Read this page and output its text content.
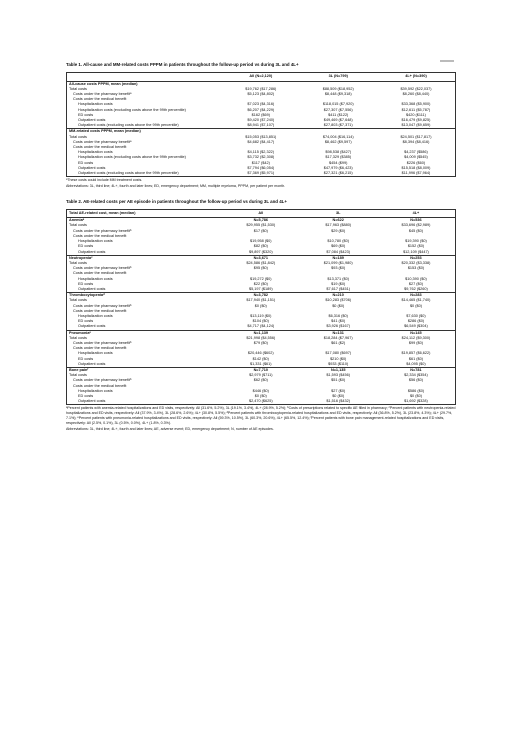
Table 1. All-cause and MM-related costs PPPM in patients throughout the follow-up period vs during 3L and 4L+

	All (N=2,120)	3L (N=799)	4L+ (N=390)
All-cause costs PPPM, mean (median)			
Total costs	$19,762 ($17,286)	$88,509 ($18,952)	$39,592 ($22,037)
Costs under the pharmacy benefitᵃ	$5,123 ($4,802)	$8,448 ($9,318)	$8,260 ($8,440)
Costs under the medical benefit			
Hospitalization costs	$7,023 ($4,316)	$118,015 ($7,920)	$33,368 ($5,900)
Hospitalization costs (excluding costs above the 99th percentile)	$6,207 ($4,229)	$27,307 ($7,556)	$12,611 ($5,787)
ED costs	$162 ($69)	$411 ($122)	$420 ($111)
Outpatient costs	$9,420 ($7,240)	$49,469 ($7,648)	$16,479 ($9,825)
Outpatient costs (excluding costs above the 99th percentile)	$8,941 ($7,107)	$27,803 ($7,371)	$13,047 ($9,659)
MM-related costs PPPM, mean (median)			
Total costs	$15,053 ($13,851)	$74,004 ($16,114)	$24,501 ($17,817)
Costs under the pharmacy benefitᵃ	$4,682 ($4,417)	$8,462 ($9,597)	$8,394 ($8,416)
Costs under the medical benefit			
Hospitalization costs	$4,115 ($2,322)	$98,538 ($427)	$4,237 ($586)
Hospitalization costs (excluding costs above the 99th percentile)	$3,732 ($2,308)	$17,329 ($385)	$4,009 ($545)
ED costs	$117 ($42)	$454 ($99)	$226 ($60)
Outpatient costs	$7,794 ($6,054)	$47,979 ($6,423)	$15,518 ($8,009)
Outpatient costs (excluding costs above the 99th percentile)	$7,369 ($5,971)	$27,321 ($6,215)	$11,996 ($7,964)

ᵃThese costs could include MM treatment costs.

Abbreviations: 3L, third line; 4L+, fourth and later lines; ED, emergency department; MM, multiple myeloma, PPPM, per patient per month.

Table 2. AE-related costs per AE episode in patients throughout the follow-up period vs during 3L and 4L+

Total AE-related cost, mean (median)	All	3L	4L+
Anemiaᵃ	N=5,786	N=622	N=536
Total costs	$29,955 ($1,530)	$17,963 ($880)	$33,696 ($2,989)
Costs under the pharmacy benefitᵇ	$17 ($0)	$29 ($0)	$45 ($0)
Costs under the medical benefit			
Hospitalization costs	$19,958 ($0)	$10,780 ($0)	$19,390 ($0)
ED costs	$82 ($0)	$69 ($0)	$152 ($0)
Outpatient costs	$9,897 ($320)	$7,084 ($423)	$12,109 ($447)
Neutropeniaᶜ	N=3,671	N=189	N=253
Total costs	$24,586 ($1,842)	$21,099 ($1,980)	$20,332 ($3,338)
Costs under the pharmacy benefitᵇ	$95 ($0)	$93 ($0)	$153 ($0)
Costs under the medical benefit			
Hospitalization costs	$19,272 ($0)	$13,371 ($0)	$10,390 ($0)
ED costs	$22 ($0)	$19 ($0)	$27 ($0)
Outpatient costs	$5,197 ($189)	$7,617 ($451)	$9,762 ($260)
Thrombocytopeniaᵈ	N=3,782	N=210	N=283
Total costs	$17,940 ($1,151)	$10,283 ($706)	$14,465 ($1,740)
Costs under the pharmacy benefitᵇ	$0 ($0)	$0 ($0)	$0 ($0)
Costs under the medical benefit			
Hospitalization costs	$13,119 ($0)	$6,316 ($0)	$7,630 ($0)
ED costs	$104 ($0)	$41 ($0)	$286 ($0)
Outpatient costs	$4,717 ($4,124)	$3,926 ($167)	$6,549 ($304)
Pneumoniaᵉ	N=1,139	N=131	N=145
Total costs	$21,998 ($4,556)	$18,284 ($7,967)	$24,112 ($9,300)
Costs under the pharmacy benefitᵇ	$79 ($0)	$61 ($2)	$99 ($0)
Costs under the medical benefit			
Hospitalization costs	$20,446 ($602)	$17,080 ($697)	$19,857 ($6,622)
ED costs	$142 ($0)	$210 ($0)	$61 ($0)
Outpatient costs	$1,331 ($61)	$933 ($110)	$4,095 ($0)
Bone painᶠ	N=7,710	N=1,135	N=781
Total costs	$2,979 ($711)	$1,593 ($456)	$2,334 ($354)
Costs under the pharmacy benefitᵇ	$62 ($0)	$51 ($0)	$56 ($0)
Costs under the medical benefit			
Hospitalization costs	$446 ($0)	$27 ($0)	$586 ($0)
ED costs	$0 ($0)	$0 ($0)	$0 ($0)
Outpatient costs	$2,470 ($625)	$1,516 ($432)	$1,692 ($328)

ᵃPercent patients with anemia-related hospitalizations and ED visits, respectively: All (31.6%, 5.2%), 3L (19.1%, 3.4%), 4L+ (28.9%, 5.2%); ᵇCosts of prescriptions related to specific AE filled in pharmacy; ᶜPercent patients with neutropenia-related hospitalizations and ED visits, respectively: All (37.9%, 3.4%), 3L (28.6%, 2.6%); 4L+ (30.8%, 5.5%); ᵈPercent patients with thrombocytopenia-related hospitalizations and ED visits, respectively: All (36.8%, 5.2%), 3L (23.8%, 4.3%); 4L+ (29.7%, 7.1%); ᵉPercent patients with pneumonia-related hospitalizations and ED visits, respectively: All (59.3%, 10.5%), 3L (60.3%, 20.6%), 4L+ (65.5%, 12.4%); ᶠPercent patients with bone pain management-related hospitalizations and ED visits, respectively: All (2.5%, 0.1%), 3L (0.5%, 0.0%), 4L+ (1.8%, 0.3%).

Abbreviations: 3L, third line; 4L+, fourth and later lines; AE, adverse event; ED, emergency department; N, number of AE episodes.
